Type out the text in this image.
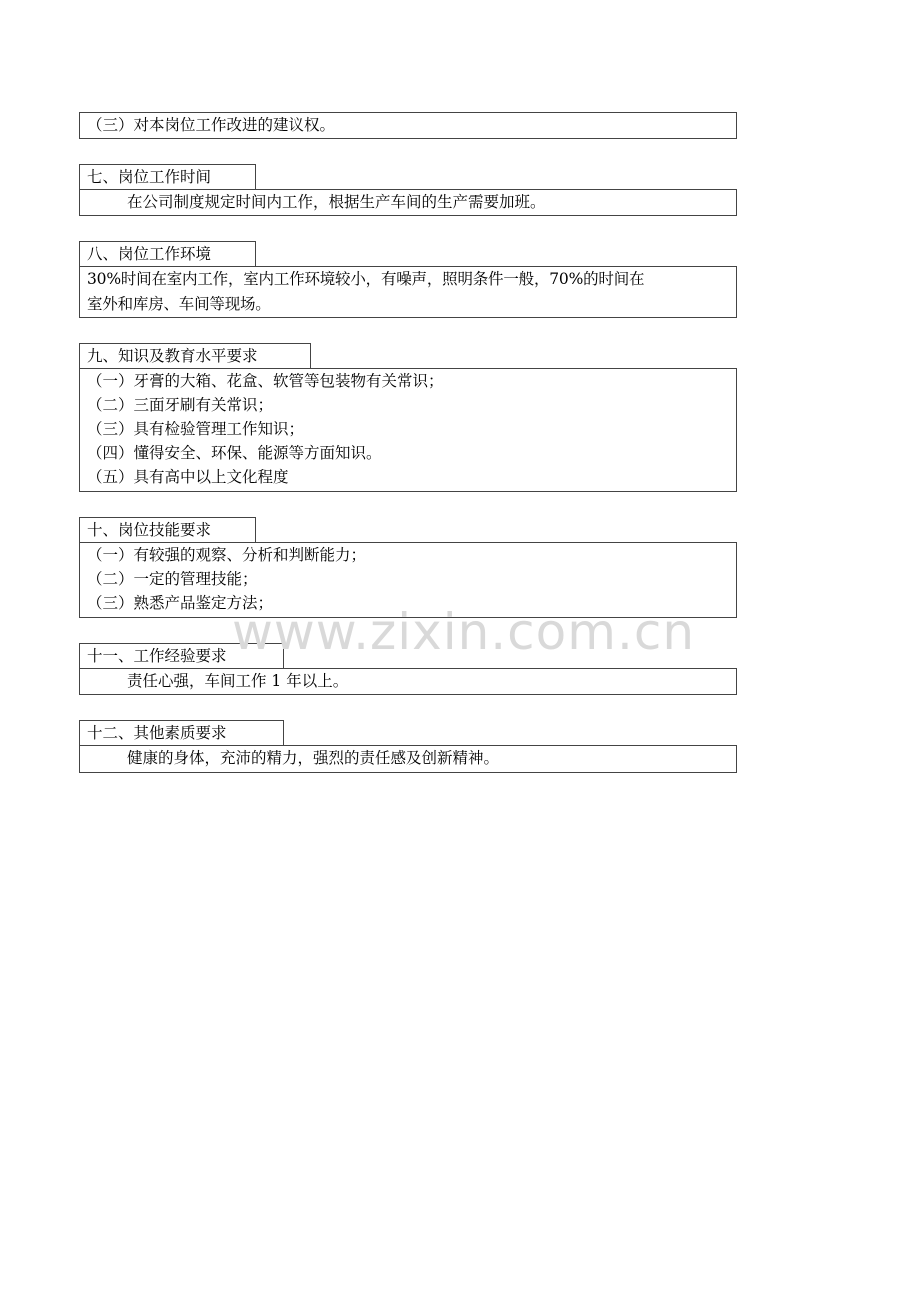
（三）对本岗位工作改进的建议权。
七、岗位工作时间
在公司制度规定时间内工作，根据生产车间的生产需要加班。
八、岗位工作环境
30%时间在室内工作，室内工作环境较小，有噪声，照明条件一般，70%的时间在
室外和库房、车间等现场。
九、知识及教育水平要求
（一）牙膏的大箱、花盒、软管等包装物有关常识；
（二）三面牙刷有关常识；
（三）具有检验管理工作知识；
（四）懂得安全、环保、能源等方面知识。
（五）具有高中以上文化程度
十、岗位技能要求
（一）有较强的观察、分析和判断能力；
（二）一定的管理技能；
（三）熟悉产品鉴定方法；
十一、工作经验要求
责任心强，车间工作 1 年以上。
十二、其他素质要求
健康的身体，充沛的精力，强烈的责任感及创新精神。
www.zixin.com.cn
